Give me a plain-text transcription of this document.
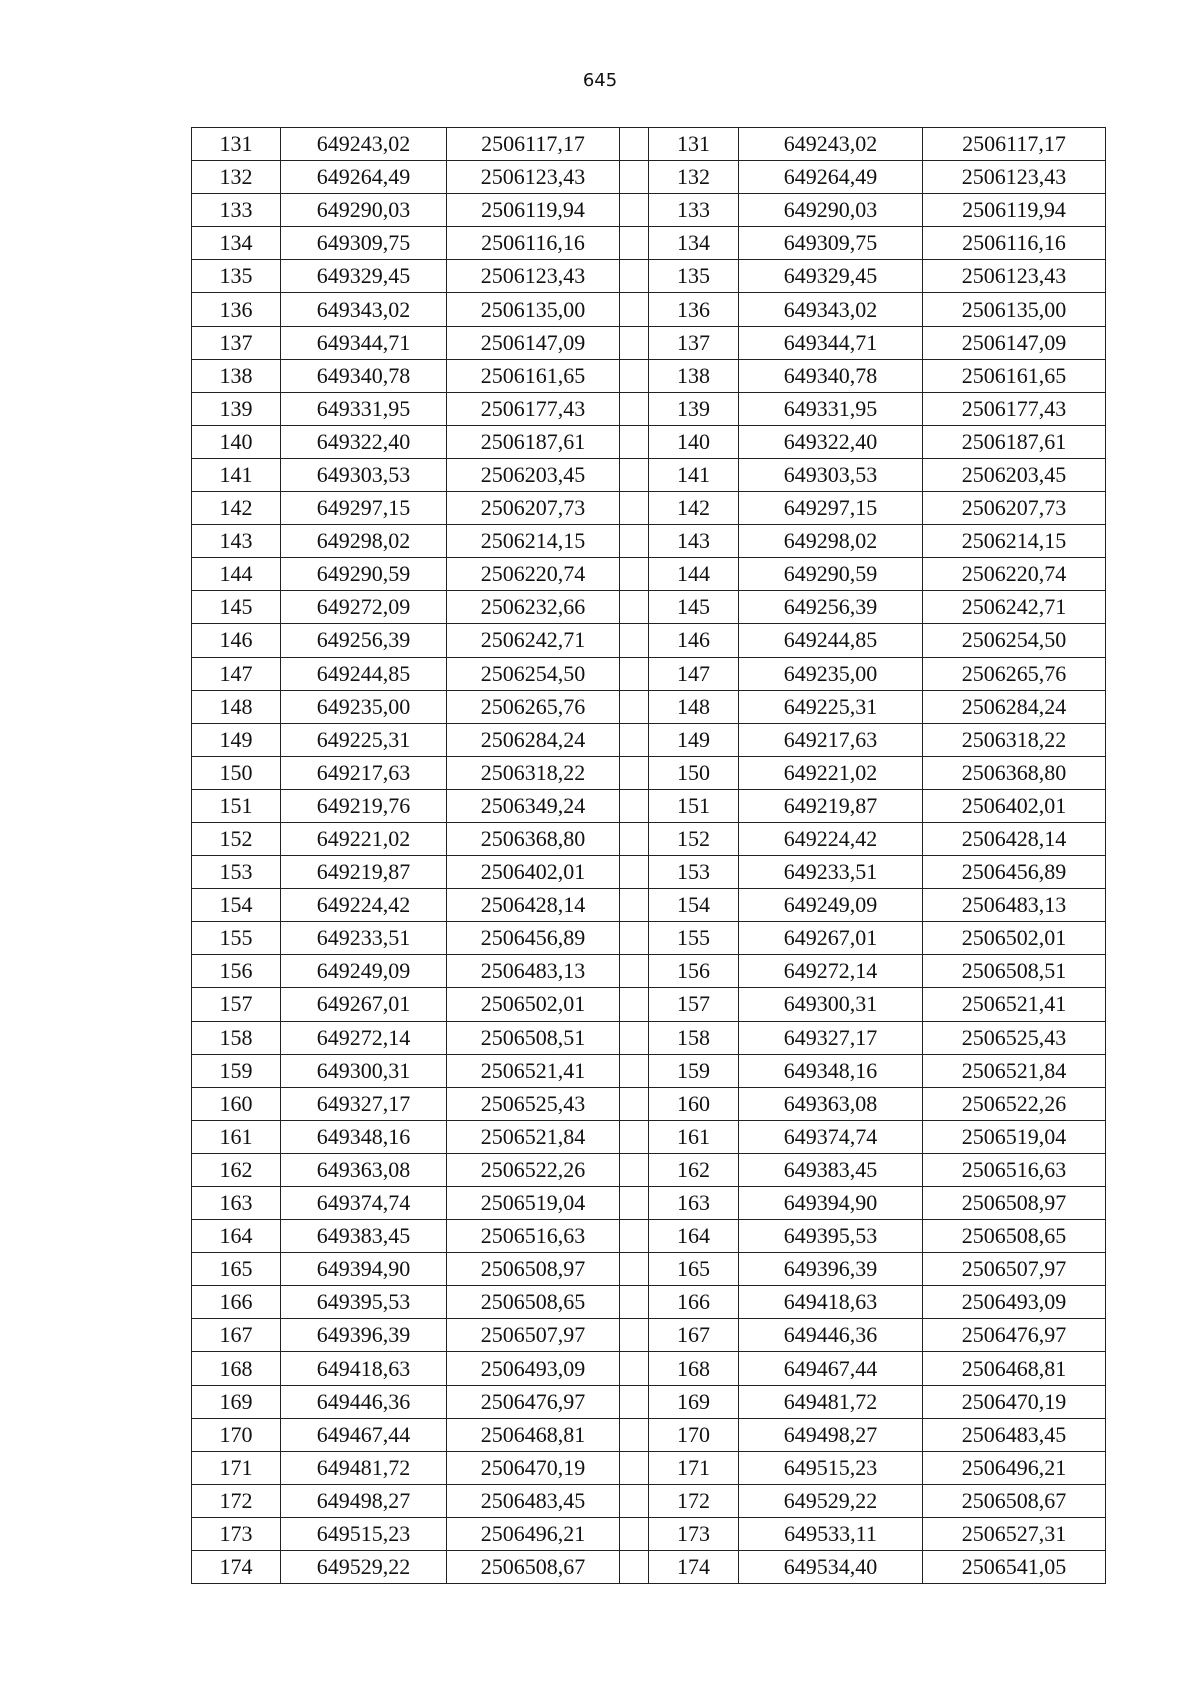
645
131	649243,02	2506117,17		131	649243,02	2506117,17
132	649264,49	2506123,43		132	649264,49	2506123,43
133	649290,03	2506119,94		133	649290,03	2506119,94
134	649309,75	2506116,16		134	649309,75	2506116,16
135	649329,45	2506123,43		135	649329,45	2506123,43
136	649343,02	2506135,00		136	649343,02	2506135,00
137	649344,71	2506147,09		137	649344,71	2506147,09
138	649340,78	2506161,65		138	649340,78	2506161,65
139	649331,95	2506177,43		139	649331,95	2506177,43
140	649322,40	2506187,61		140	649322,40	2506187,61
141	649303,53	2506203,45		141	649303,53	2506203,45
142	649297,15	2506207,73		142	649297,15	2506207,73
143	649298,02	2506214,15		143	649298,02	2506214,15
144	649290,59	2506220,74		144	649290,59	2506220,74
145	649272,09	2506232,66		145	649256,39	2506242,71
146	649256,39	2506242,71		146	649244,85	2506254,50
147	649244,85	2506254,50		147	649235,00	2506265,76
148	649235,00	2506265,76		148	649225,31	2506284,24
149	649225,31	2506284,24		149	649217,63	2506318,22
150	649217,63	2506318,22		150	649221,02	2506368,80
151	649219,76	2506349,24		151	649219,87	2506402,01
152	649221,02	2506368,80		152	649224,42	2506428,14
153	649219,87	2506402,01		153	649233,51	2506456,89
154	649224,42	2506428,14		154	649249,09	2506483,13
155	649233,51	2506456,89		155	649267,01	2506502,01
156	649249,09	2506483,13		156	649272,14	2506508,51
157	649267,01	2506502,01		157	649300,31	2506521,41
158	649272,14	2506508,51		158	649327,17	2506525,43
159	649300,31	2506521,41		159	649348,16	2506521,84
160	649327,17	2506525,43		160	649363,08	2506522,26
161	649348,16	2506521,84		161	649374,74	2506519,04
162	649363,08	2506522,26		162	649383,45	2506516,63
163	649374,74	2506519,04		163	649394,90	2506508,97
164	649383,45	2506516,63		164	649395,53	2506508,65
165	649394,90	2506508,97		165	649396,39	2506507,97
166	649395,53	2506508,65		166	649418,63	2506493,09
167	649396,39	2506507,97		167	649446,36	2506476,97
168	649418,63	2506493,09		168	649467,44	2506468,81
169	649446,36	2506476,97		169	649481,72	2506470,19
170	649467,44	2506468,81		170	649498,27	2506483,45
171	649481,72	2506470,19		171	649515,23	2506496,21
172	649498,27	2506483,45		172	649529,22	2506508,67
173	649515,23	2506496,21		173	649533,11	2506527,31
174	649529,22	2506508,67		174	649534,40	2506541,05
